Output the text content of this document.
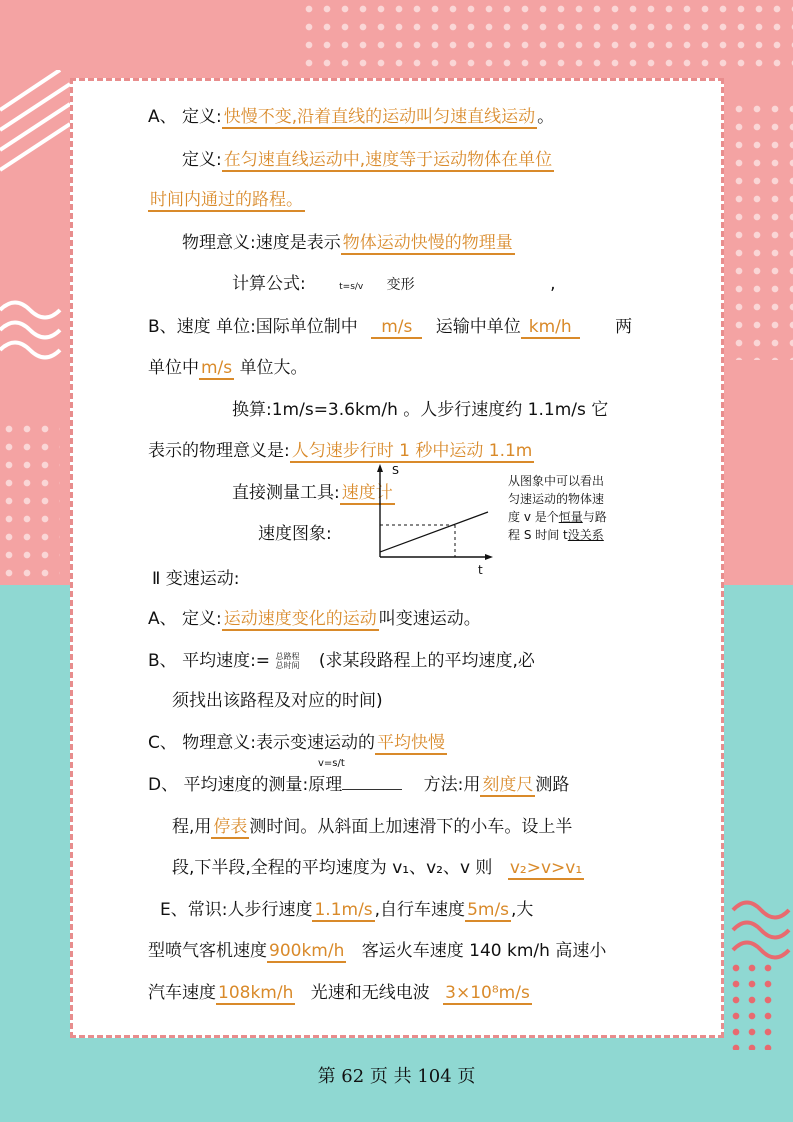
A、 定义: 快慢不变,沿着直线的运动叫匀速直线运动 。
定义: 在匀速直线运动中,速度等于运动物体在单位
时间内通过的路程。
物理意义:速度是表示 物体运动快慢的物理量
计算公式:	t=s/v 变形	,
B、速度 单位:国际单位制中 m/s 运输中单位 km/h	两
单位中 m/s 单位大。
换算:1m/s=3.6km/h 。人步行速度约 1.1m/s 它
表示的物理意义是: 人匀速步行时 1 秒中运动 1.1m
直接测量工具: 速度计
速度图象:
S
t
从图象中可以看出
匀速运动的物体速
度 v 是个恒量与路
程 S 时间 t没关系
Ⅱ 变速运动:
A、 定义: 运动速度变化的运动 叫变速运动。
B、 平均速度:= 总路程
总时间 (求某段路程上的平均速度,必
须找出该路程及对应的时间)
C、 物理意义:表示变速运动的 平均快慢
v=s/t
D、 平均速度的测量:原理	方法:用 刻度尺 测路
程,用 停表 测时间。从斜面上加速滑下的小车。设上半
段,下半段,全程的平均速度为 v₁、v₂、v 则 v₂>v>v₁
E、常识:人步行速度 1.1m/s ,自行车速度 5m/s ,大
型喷气客机速度 900km/h 客运火车速度 140 km/h 高速小
汽车速度 108km/h 光速和无线电波 3×10⁸m/s
第 62 页 共 104 页
